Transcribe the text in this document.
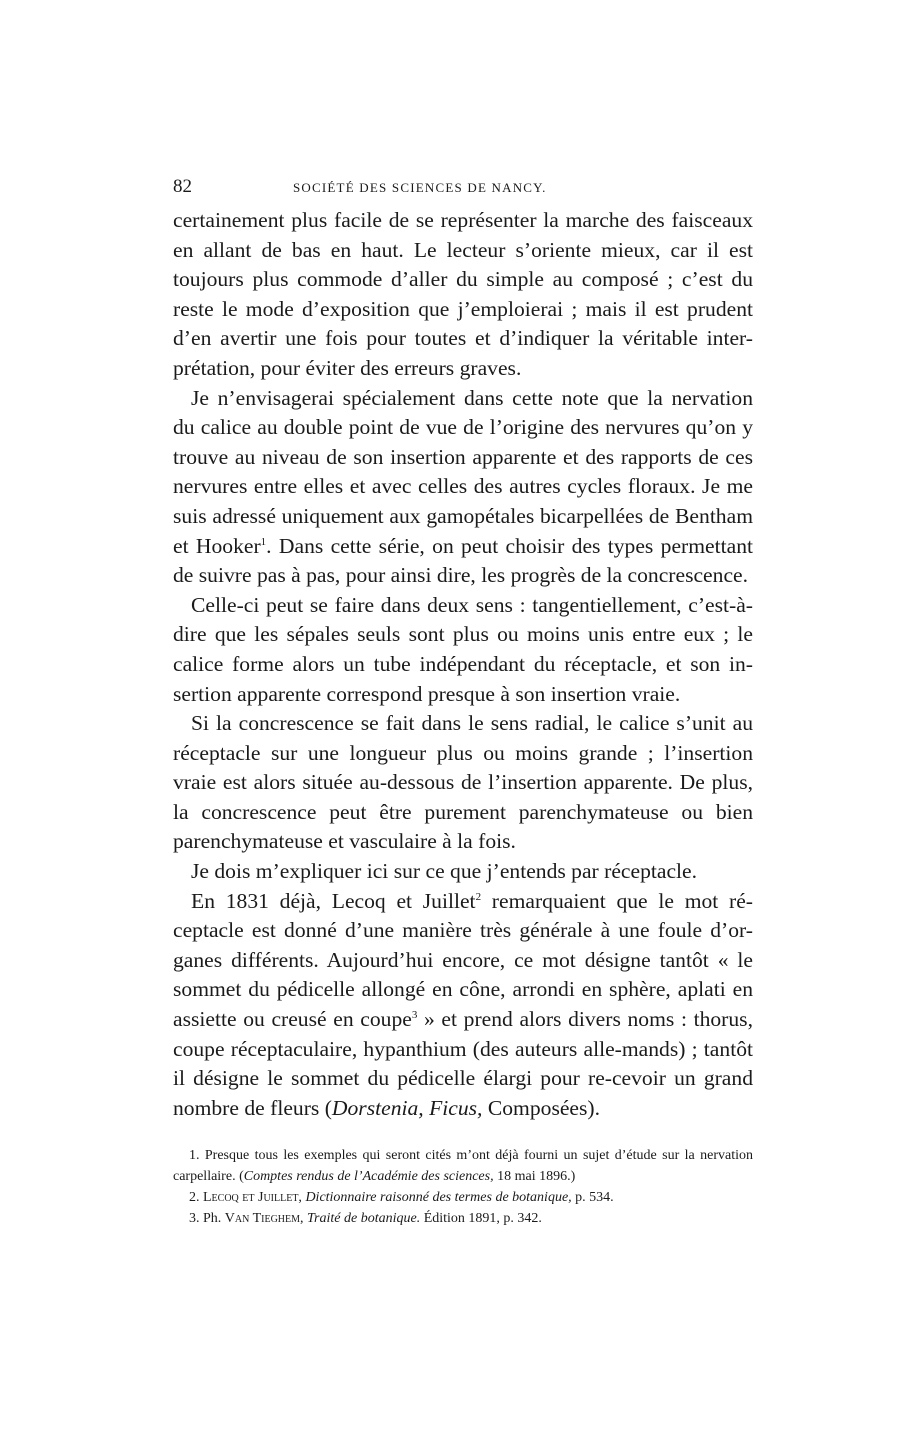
82	SOCIÉTÉ DES SCIENCES DE NANCY.

certainement plus facile de se représenter la marche des faisceaux en allant de bas en haut. Le lecteur s’oriente mieux, car il est toujours plus commode d’aller du simple au composé ; c’est du reste le mode d’exposition que j’emploierai ; mais il est prudent d’en avertir une fois pour toutes et d’indiquer la véritable inter-prétation, pour éviter des erreurs graves.

Je n’envisagerai spécialement dans cette note que la nervation du calice au double point de vue de l’origine des nervures qu’on y trouve au niveau de son insertion apparente et des rapports de ces nervures entre elles et avec celles des autres cycles floraux. Je me suis adressé uniquement aux gamopétales bicarpellées de Bentham et Hooker$^1$. Dans cette série, on peut choisir des types permettant de suivre pas à pas, pour ainsi dire, les progrès de la concrescence.

Celle-ci peut se faire dans deux sens : tangentiellement, c’est-à-dire que les sépales seuls sont plus ou moins unis entre eux ; le calice forme alors un tube indépendant du réceptacle, et son in-sertion apparente correspond presque à son insertion vraie.

Si la concrescence se fait dans le sens radial, le calice s’unit au réceptacle sur une longueur plus ou moins grande ; l’insertion vraie est alors située au-dessous de l’insertion apparente. De plus, la concrescence peut être purement parenchymateuse ou bien parenchymateuse et vasculaire à la fois.

Je dois m’expliquer ici sur ce que j’entends par réceptacle.

En 1831 déjà, Lecoq et Juillet$^2$ remarquaient que le mot ré-ceptacle est donné d’une manière très générale à une foule d’or-ganes différents. Aujourd’hui encore, ce mot désigne tantôt « le sommet du pédicelle allongé en cône, arrondi en sphère, aplati en assiette ou creusé en coupe$^3$ » et prend alors divers noms : thorus, coupe réceptaculaire, hypanthium (des auteurs alle-mands) ; tantôt il désigne le sommet du pédicelle élargi pour re-cevoir un grand nombre de fleurs (Dorstenia, Ficus, Composées).

1. Presque tous les exemples qui seront cités m’ont déjà fourni un sujet d’étude sur la nervation carpellaire. (Comptes rendus de l’Académie des sciences, 18 mai 1896.)

2. Lecoq et Juillet, Dictionnaire raisonné des termes de botanique, p. 534.

3. Ph. Van Tieghem, Traité de botanique. Édition 1891, p. 342.
